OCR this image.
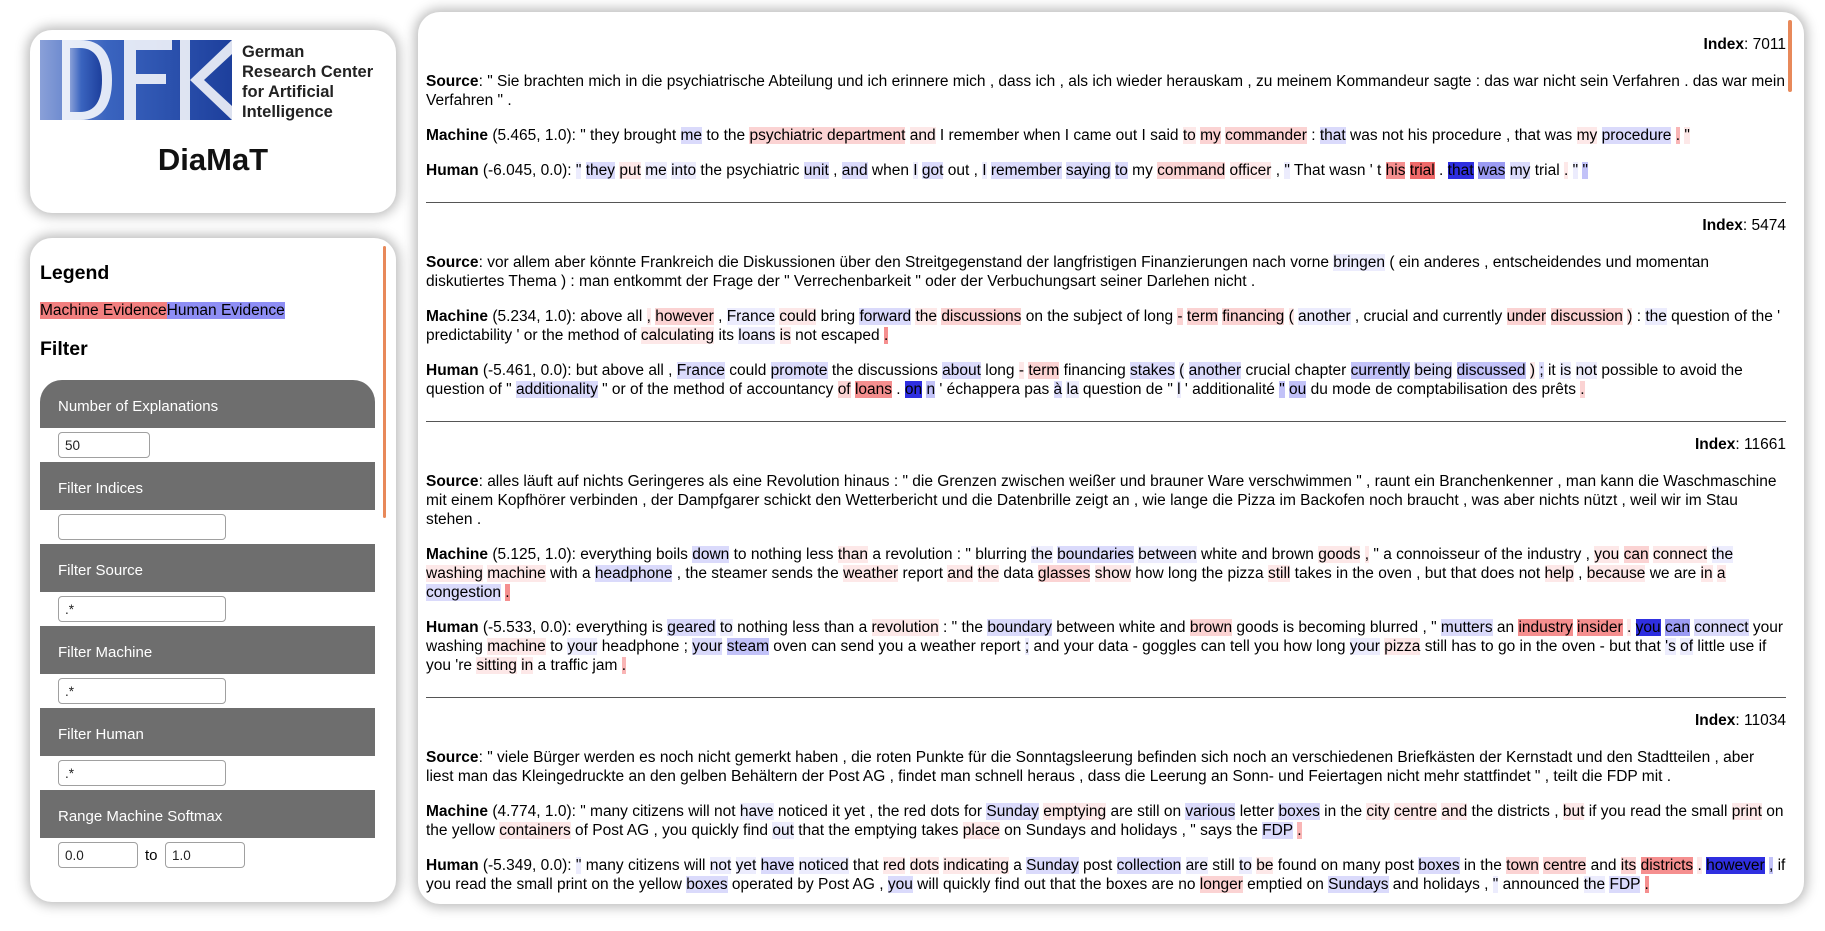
German
Research Center
for Artificial
Intelligence
DiaMaT
Legend
Machine EvidenceHuman Evidence
Filter
Number of Explanations
50
Filter Indices
Filter Source
.*
Filter Machine
.*
Filter Human
.*
Range Machine Softmax
0.0
to
1.0
Index: 7011
Source: " Sie brachten mich in die psychiatrische Abteilung und ich erinnere mich , dass ich , als ich wieder herauskam , zu meinem Kommandeur sagte : das war nicht sein Verfahren . das war mein Verfahren " .
Machine (5.465, 1.0): " they brought me to the psychiatric department and I remember when I came out I said to my commander : that was not his procedure , that was my procedure . "
Human (-6.045, 0.0): " they put me into the psychiatric unit , and when I got out , I remember saying to my command officer , " That wasn ' t his trial . that was my trial . " "
Index: 5474
Source: vor allem aber könnte Frankreich die Diskussionen über den Streitgegenstand der langfristigen Finanzierungen nach vorne bringen ( ein anderes , entscheidendes und momentan diskutiertes Thema ) : man entkommt der Frage der " Verrechenbarkeit " oder der Verbuchungsart seiner Darlehen nicht .
Machine (5.234, 1.0): above all , however , France could bring forward the discussions on the subject of long - term financing ( another , crucial and currently under discussion ) : the question of the ' predictability ' or the method of calculating its loans is not escaped .
Human (-5.461, 0.0): but above all , France could promote the discussions about long - term financing stakes ( another crucial chapter currently being discussed ) ; it is not possible to avoid the question of " additionality " or of the method of accountancy of loans . on n ' échappera pas à la question de " l ' additionalité " ou du mode de comptabilisation des prêts .
Index: 11661
Source: alles läuft auf nichts Geringeres als eine Revolution hinaus : " die Grenzen zwischen weißer und brauner Ware verschwimmen " , raunt ein Branchenkenner , man kann die Waschmaschine mit einem Kopfhörer verbinden , der Dampfgarer schickt den Wetterbericht und die Datenbrille zeigt an , wie lange die Pizza im Backofen noch braucht , was aber nichts nützt , weil wir im Stau stehen .
Machine (5.125, 1.0): everything boils down to nothing less than a revolution : " blurring the boundaries between white and brown goods , " a connoisseur of the industry , you can connect the washing machine with a headphone , the steamer sends the weather report and the data glasses show how long the pizza still takes in the oven , but that does not help , because we are in a congestion .
Human (-5.533, 0.0): everything is geared to nothing less than a revolution : " the boundary between white and brown goods is becoming blurred , " mutters an industry insider . you can connect your washing machine to your headphone ; your steam oven can send you a weather report ; and your data - goggles can tell you how long your pizza still has to go in the oven - but that 's of little use if you 're sitting in a traffic jam .
Index: 11034
Source: " viele Bürger werden es noch nicht gemerkt haben , die roten Punkte für die Sonntagsleerung befinden sich noch an verschiedenen Briefkästen der Kernstadt und den Stadtteilen , aber liest man das Kleingedruckte an den gelben Behältern der Post AG , findet man schnell heraus , dass die Leerung an Sonn- und Feiertagen nicht mehr stattfindet " , teilt die FDP mit .
Machine (4.774, 1.0): " many citizens will not have noticed it yet , the red dots for Sunday emptying are still on various letter boxes in the city centre and the districts , but if you read the small print on the yellow containers of Post AG , you quickly find out that the emptying takes place on Sundays and holidays , " says the FDP .
Human (-5.349, 0.0): " many citizens will not yet have noticed that red dots indicating a Sunday post collection are still to be found on many post boxes in the town centre and its districts . however , if you read the small print on the yellow boxes operated by Post AG , you will quickly find out that the boxes are no longer emptied on Sundays and holidays , " announced the FDP .
